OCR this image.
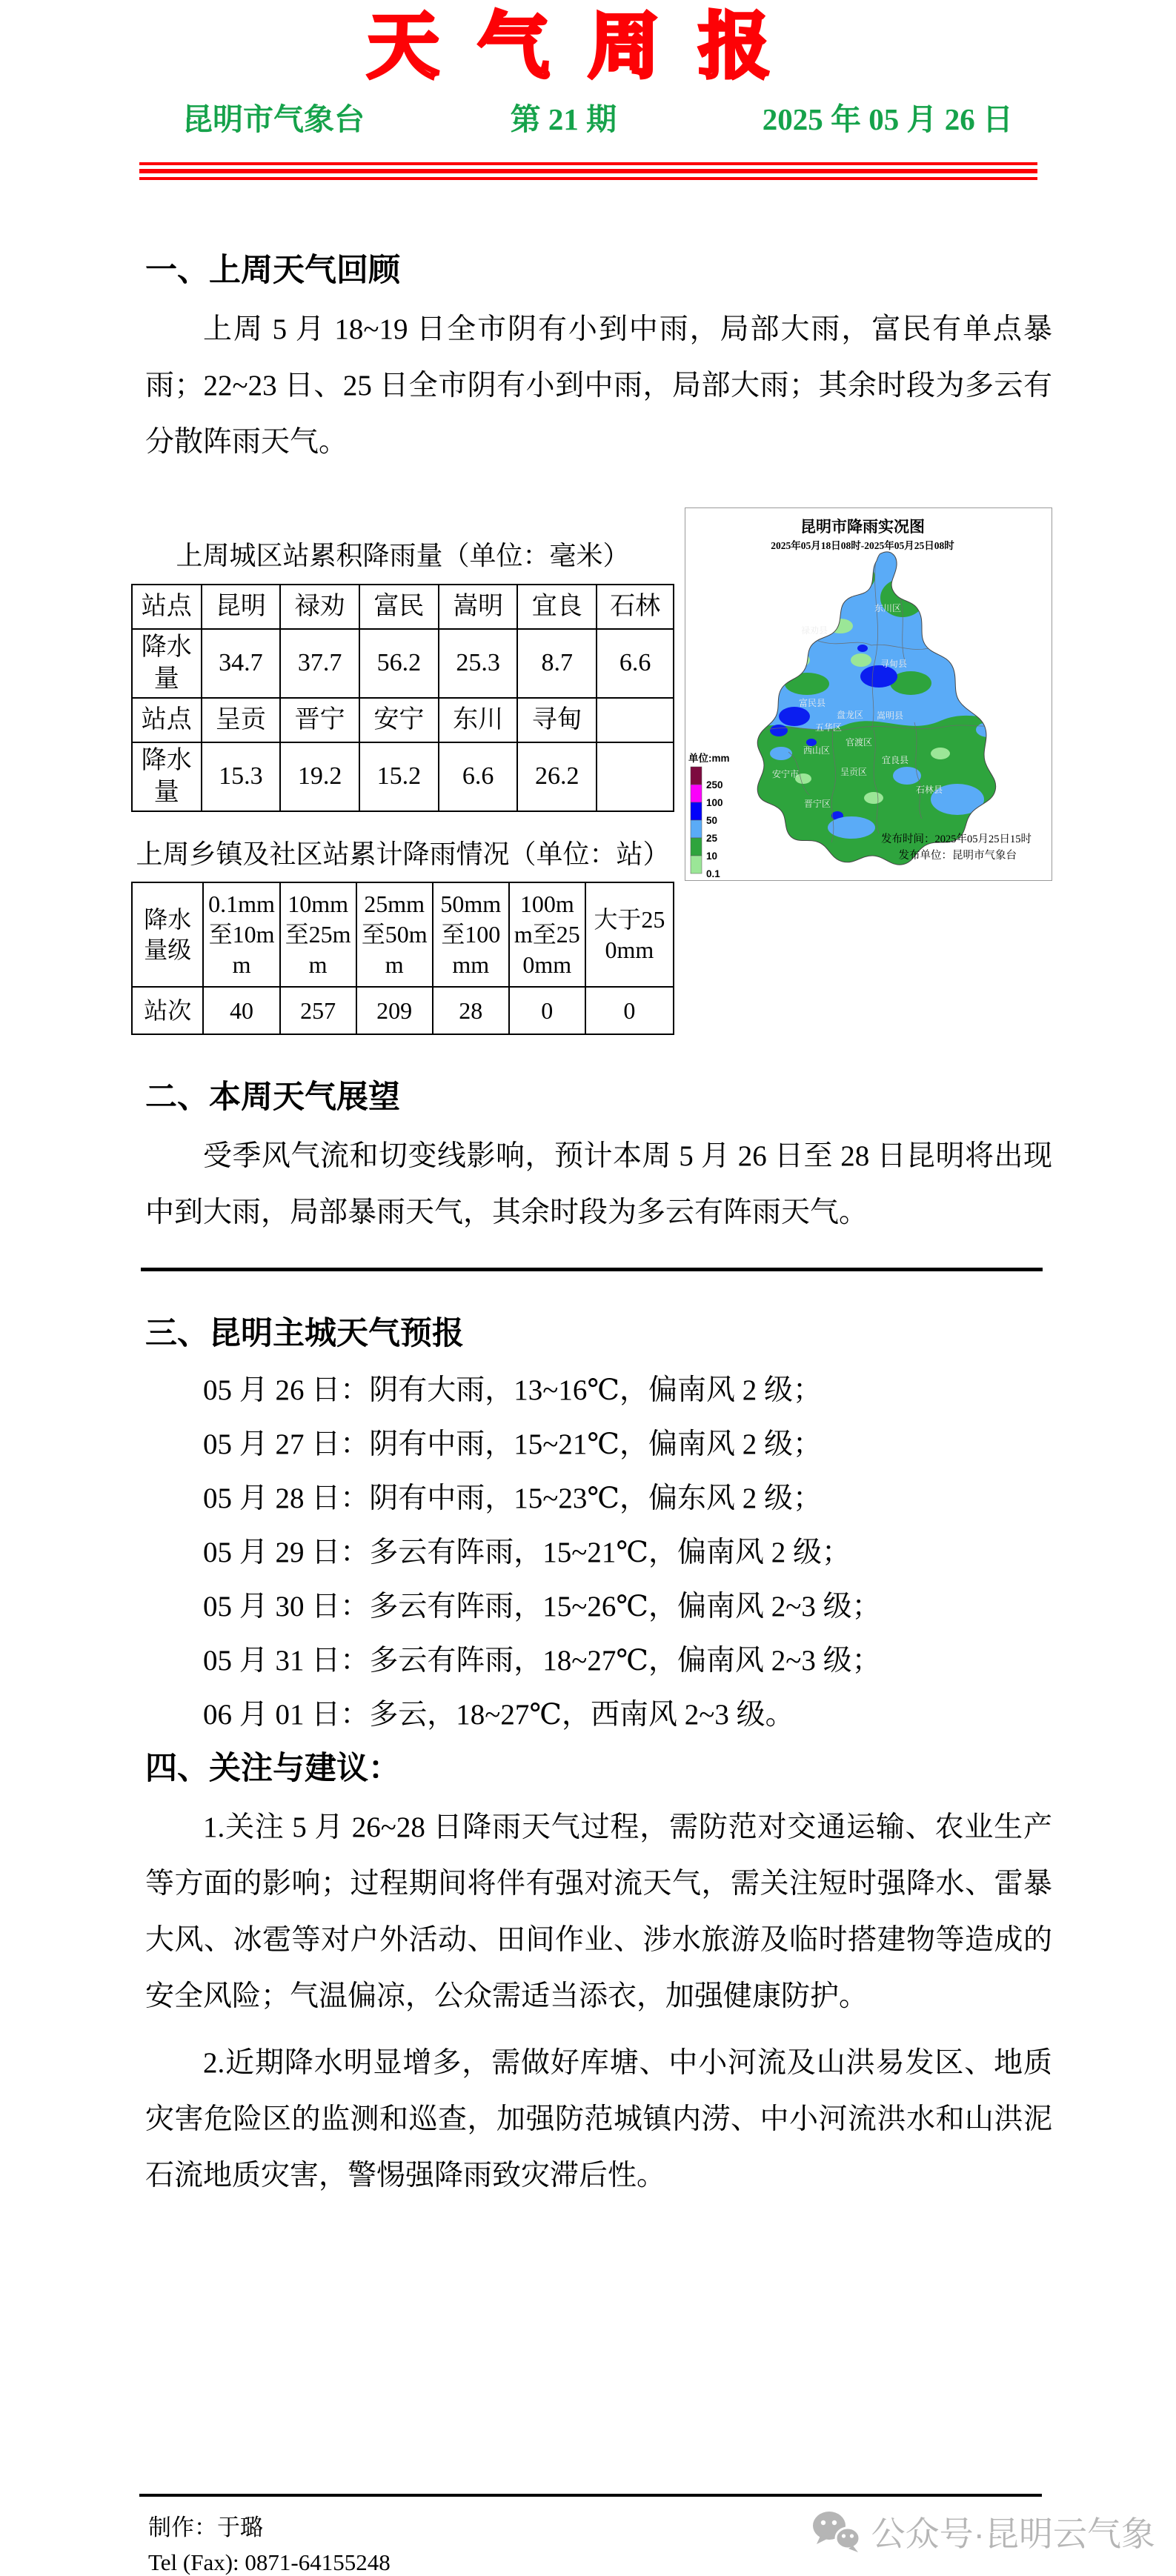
天气周报
昆明市气象台	第 21 期	2025 年 05 月 26 日
一、上周天气回顾

上周 5 月 18~19 日全市阴有小到中雨，局部大雨，富民有单点暴雨；22~23 日、25 日全市阴有小到中雨，局部大雨；其余时段为多云有分散阵雨天气。

上周城区站累积降雨量（单位：毫米）
站点	昆明	禄劝	富民	嵩明	宜良	石林
降水量	34.7	37.7	56.2	25.3	8.7	6.6
站点	呈贡	晋宁	安宁	东川	寻甸	
降水量	15.3	19.2	15.2	6.6	26.2	
上周乡镇及社区站累计降雨情况（单位：站）
降水量级	0.1mm至10mm	10mm至25mm	25mm至50mm	50mm至100mm	100mm至250mm	大于250mm
站次	40	257	209	28	0	0
昆明市降雨实况图
2025年05月18日08时-2025年05月25日08时
东川区
禄劝县
寻甸县
富民县
盘龙区 嵩明县
五华区
官渡区
西山区
宜良县
安宁市	呈贡区
石林县
晋宁区
单位:mm
250
100
50
25
10
0.1
发布时间：2025年05月25日15时
发布单位：昆明市气象台
二、本周天气展望

受季风气流和切变线影响，预计本周 5 月 26 日至 28 日昆明将出现中到大雨，局部暴雨天气，其余时段为多云有阵雨天气。

三、昆明主城天气预报
05 月 26 日：阴有大雨，13~16℃，偏南风 2 级；
05 月 27 日：阴有中雨，15~21℃，偏南风 2 级；
05 月 28 日：阴有中雨，15~23℃，偏东风 2 级；
05 月 29 日：多云有阵雨，15~21℃，偏南风 2 级；
05 月 30 日：多云有阵雨，15~26℃，偏南风 2~3 级；
05 月 31 日：多云有阵雨，18~27℃，偏南风 2~3 级；
06 月 01 日：多云，18~27℃，西南风 2~3 级。
四、关注与建议：

1.关注 5 月 26~28 日降雨天气过程，需防范对交通运输、农业生产等方面的影响；过程期间将伴有强对流天气，需关注短时强降水、雷暴大风、冰雹等对户外活动、田间作业、涉水旅游及临时搭建物等造成的安全风险；气温偏凉，公众需适当添衣，加强健康防护。

2.近期降水明显增多，需做好库塘、中小河流及山洪易发区、地质灾害危险区的监测和巡查，加强防范城镇内涝、中小河流洪水和山洪泥石流地质灾害，警惕强降雨致灾滞后性。

制作：于璐
Tel (Fax): 0871-64155248
公众号·昆明云气象
